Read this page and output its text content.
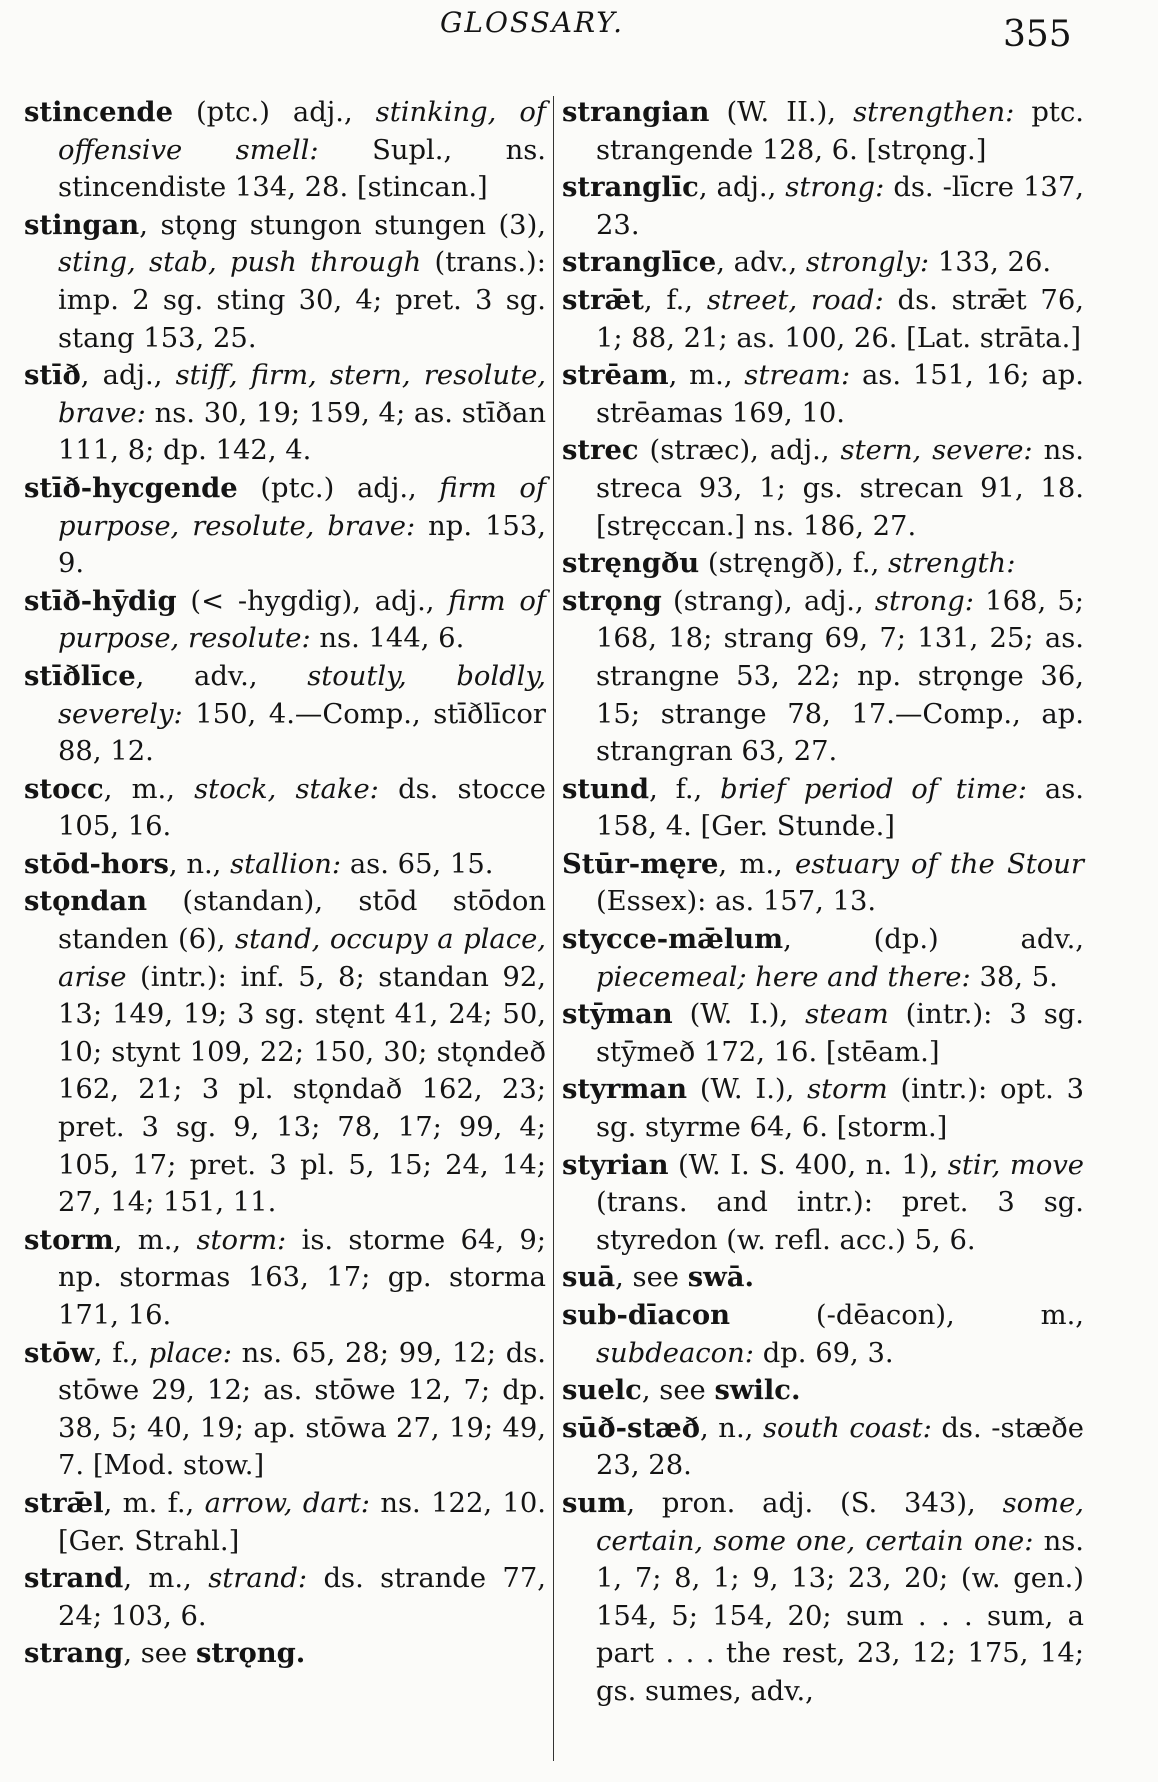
GLOSSARY.	355

stincende (ptc.) adj., stinking, of offensive smell: Supl., ns. stincendiste 134, 28. [stincan.]

stingan, stǫng stungon stungen (3), sting, stab, push through (trans.): imp. 2 sg. sting 30, 4; pret. 3 sg. stang 153, 25.

stīð, adj., stiff, firm, stern, resolute, brave: ns. 30, 19; 159, 4; as. stīðan 111, 8; dp. 142, 4.

stīð-hycgende (ptc.) adj., firm of purpose, resolute, brave: np. 153, 9.

stīð-hȳdig (< -hygdig), adj., firm of purpose, resolute: ns. 144, 6.

stīðlīce, adv., stoutly, boldly, severely: 150, 4.—Comp., stīðlīcor 88, 12.

stocc, m., stock, stake: ds. stocce 105, 16.

stōd-hors, n., stallion: as. 65, 15.

stǫndan (standan), stōd stōdon standen (6), stand, occupy a place, arise (intr.): inf. 5, 8; standan 92, 13; 149, 19; 3 sg. stęnt 41, 24; 50, 10; stynt 109, 22; 150, 30; stǫndeð 162, 21; 3 pl. stǫndað 162, 23; pret. 3 sg. 9, 13; 78, 17; 99, 4; 105, 17; pret. 3 pl. 5, 15; 24, 14; 27, 14; 151, 11.

storm, m., storm: is. storme 64, 9; np. stormas 163, 17; gp. storma 171, 16.

stōw, f., place: ns. 65, 28; 99, 12; ds. stōwe 29, 12; as. stōwe 12, 7; dp. 38, 5; 40, 19; ap. stōwa 27, 19; 49, 7. [Mod. stow.]

strǣl, m. f., arrow, dart: ns. 122, 10. [Ger. Strahl.]

strand, m., strand: ds. strande 77, 24; 103, 6.

strang, see strǫng.

strangian (W. II.), strengthen: ptc. strangende 128, 6. [strǫng.]

stranglīc, adj., strong: ds. -līcre 137, 23.

stranglīce, adv., strongly: 133, 26.

strǣt, f., street, road: ds. strǣt 76, 1; 88, 21; as. 100, 26. [Lat. strāta.]

strēam, m., stream: as. 151, 16; ap. strēamas 169, 10.

strec (stræc), adj., stern, severe: ns. streca 93, 1; gs. strecan 91, 18. [stręccan.] ns. 186, 27.

stręngðu (stręngð), f., strength:

strǫng (strang), adj., strong: 168, 5; 168, 18; strang 69, 7; 131, 25; as. strangne 53, 22; np. strǫnge 36, 15; strange 78, 17.—Comp., ap. strangran 63, 27.

stund, f., brief period of time: as. 158, 4. [Ger. Stunde.]

Stūr-męre, m., estuary of the Stour (Essex): as. 157, 13.

stycce-mǣlum, (dp.) adv., piecemeal; here and there: 38, 5.

stȳman (W. I.), steam (intr.): 3 sg. stȳmeð 172, 16. [stēam.]

styrman (W. I.), storm (intr.): opt. 3 sg. styrme 64, 6. [storm.]

styrian (W. I. S. 400, n. 1), stir, move (trans. and intr.): pret. 3 sg. styredon (w. refl. acc.) 5, 6.

suā, see swā.

sub-dīacon (-dēacon), m., subdeacon: dp. 69, 3.

suelc, see swilc.

sūð-stæð, n., south coast: ds. -stæðe 23, 28.

sum, pron. adj. (S. 343), some, certain, some one, certain one: ns. 1, 7; 8, 1; 9, 13; 23, 20; (w. gen.) 154, 5; 154, 20; sum . . . sum, a part . . . the rest, 23, 12; 175, 14; gs. sumes, adv.,
